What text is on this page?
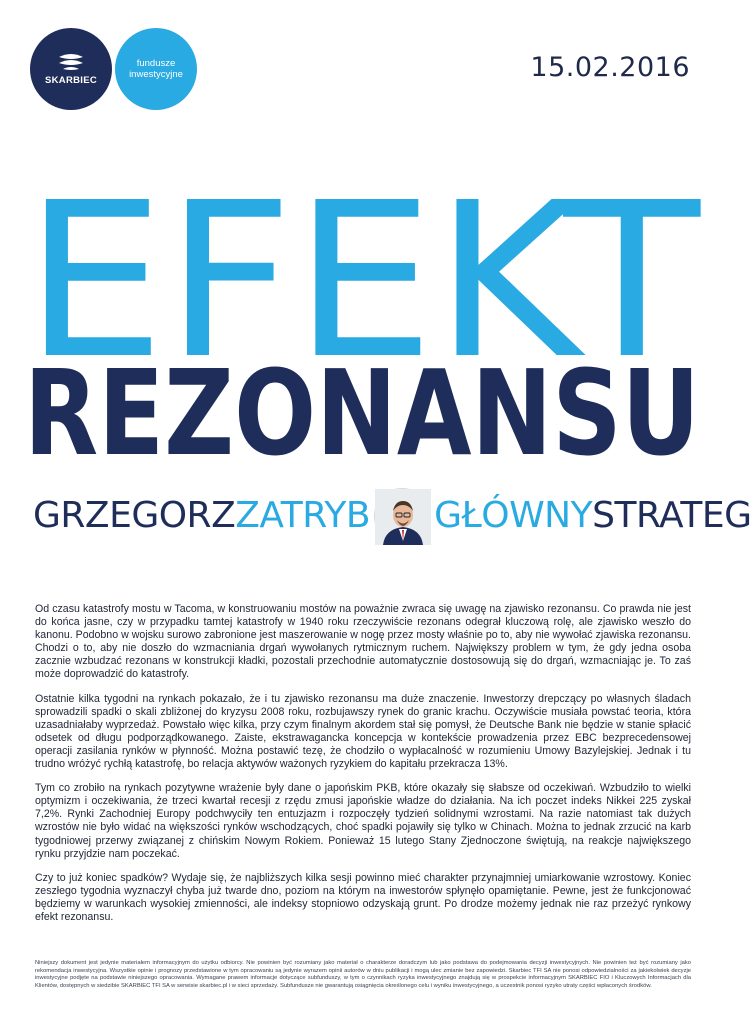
SKARBIEC
fundusze
inwestycyjne	15.02.2016
EFEKT
REZONANSU
GRZEGORZZATRYB GŁÓWNYSTRATEG

Od czasu katastrofy mostu w Tacoma, w konstruowaniu mostów na poważnie zwraca się uwagę na zjawisko rezonansu. Co prawda nie jest do końca jasne, czy w przypadku tamtej katastrofy w 1940 roku rzeczywiście rezonans odegrał kluczową rolę, ale zjawisko weszło do kanonu. Podobno w wojsku surowo zabronione jest maszerowanie w nogę przez mosty właśnie po to, aby nie wywołać zjawiska rezonansu. Chodzi o to, aby nie doszło do wzmacniania drgań wywołanych rytmicznym ruchem. Największy problem w tym, że gdy jedna osoba zacznie wzbudzać rezonans w konstrukcji kładki, pozostali przechodnie automatycznie dostosowują się do drgań, wzmacniając je. To zaś może doprowadzić do katastrofy.

Ostatnie kilka tygodni na rynkach pokazało, że i tu zjawisko rezonansu ma duże znaczenie. Inwestorzy drepczący po własnych śladach sprowadzili spadki o skali zbliżonej do kryzysu 2008 roku, rozbujawszy rynek do granic krachu. Oczywiście musiała powstać teoria, która uzasadniałaby wyprzedaż. Powstało więc kilka, przy czym finalnym akordem stał się pomysł, że Deutsche Bank nie będzie w stanie spłacić odsetek od długu podporządkowanego. Zaiste, ekstrawagancka koncepcja w kontekście prowadzenia przez EBC bezprecedensowej operacji zasilania rynków w płynność. Można postawić tezę, że chodziło o wypłacalność w rozumieniu Umowy Bazylejskiej. Jednak i tu trudno wróżyć rychłą katastrofę, bo relacja aktywów ważonych ryzykiem do kapitału przekracza 13%.

Tym co zrobiło na rynkach pozytywne wrażenie były dane o japońskim PKB, które okazały się słabsze od oczekiwań. Wzbudziło to wielki optymizm i oczekiwania, że trzeci kwartał recesji z rzędu zmusi japońskie władze do działania. Na ich poczet indeks Nikkei 225 zyskał 7,2%. Rynki Zachodniej Europy podchwyciły ten entuzjazm i rozpoczęły tydzień solidnymi wzrostami. Na razie natomiast tak dużych wzrostów nie było widać na większości rynków wschodzących, choć spadki pojawiły się tylko w Chinach. Można to jednak zrzucić na karb tygodniowej przerwy związanej z chińskim Nowym Rokiem. Ponieważ 15 lutego Stany Zjednoczone świętują, na reakcje największego rynku przyjdzie nam poczekać.

Czy to już koniec spadków? Wydaje się, że najbliższych kilka sesji powinno mieć charakter przynajmniej umiarkowanie wzrostowy. Koniec zeszłego tygodnia wyznaczył chyba już twarde dno, poziom na którym na inwestorów spłynęło opamiętanie. Pewne, jest że funkcjonować będziemy w warunkach wysokiej zmienności, ale indeksy stopniowo odzyskają grunt. Po drodze możemy jednak nie raz przeżyć rynkowy efekt rezonansu.

Niniejszy dokument jest jedynie materiałem informacyjnym do użytku odbiorcy. Nie powinien być rozumiany jako materiał o charakterze doradczym lub jako podstawa do podejmowania decyzji inwestycyjnych. Nie powinien też być rozumiany jako rekomendacja inwestycyjna. Wszystkie opinie i prognozy przedstawione w tym opracowaniu są jedynie wyrazem opinii autorów w dniu publikacji i mogą ulec zmianie bez zapowiedzi. Skarbiec TFI SA nie ponosi odpowiedzialności za jakiekolwiek decyzje inwestycyjne podjęte na podstawie niniejszego opracowania. Wymagane prawem informacje dotyczące subfunduszy, w tym o czynnikach ryzyka inwestycyjnego znajdują się w prospekcie informacyjnym SKARBIEC FIO i Kluczowych Informacjach dla Klientów, dostępnych w siedzibie SKARBIEC TFI SA w serwisie skarbiec.pl i w sieci sprzedaży. Subfundusze nie gwarantują osiągnięcia określonego celu i wyniku inwestycyjnego, a uczestnik ponosi ryzyko utraty części wpłaconych środków.
